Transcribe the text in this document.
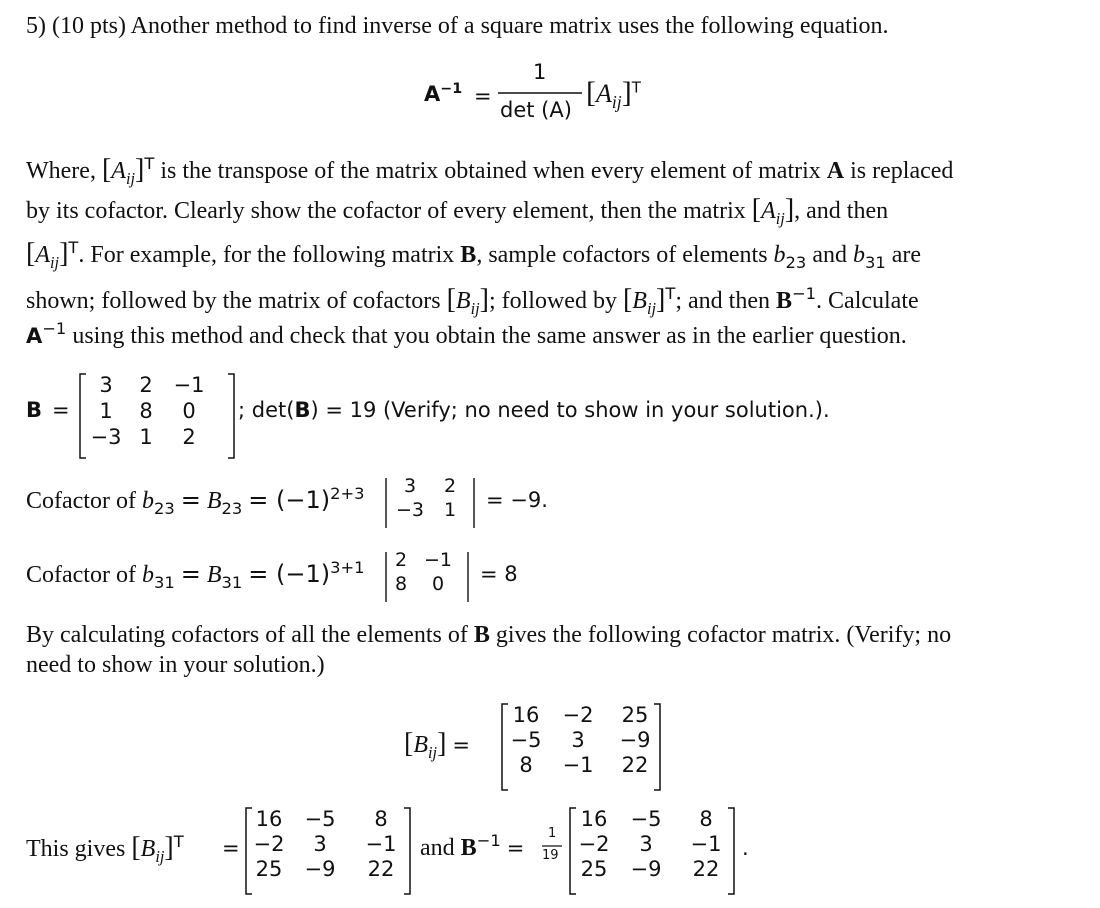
5) (10 pts) Another method to find inverse of a square matrix uses the following equation.
$A^{-1}$ =
1
det (A)
$[A_{ij}]^T$
Where, $[A_{ij}]^T$ is the transpose of the matrix obtained when every element of matrix A is replaced
by its cofactor. Clearly show the cofactor of every element, then the matrix $[A_{ij}]$, and then
$[A_{ij}]^T$. For example, for the following matrix B, sample cofactors of elements $b_{23}$ and $b_{31}$ are
shown; followed by the matrix of cofactors $[B_{ij}]$; followed by $[B_{ij}]^T$; and then $B^{-1}$. Calculate
$A^{-1}$ using this method and check that you obtain the same answer as in the earlier question.
B =
3	2 −1
1	8	0
−3 1	2
; det(B) = 19 (Verify; no need to show in your solution.).
Cofactor of $b_{23} = B_{23} = (-1)^{2+3}$	3	2
−3	1	= −9.
Cofactor of $b_{31} = B_{31} = (-1)^{3+1}$	2 −1
8	0	= 8
By calculating cofactors of all the elements of B gives the following cofactor matrix. (Verify; no
need to show in your solution.)
$[B_{ij}]$ =
16	−2	25
−5	3	−9
8	−1	22
This gives $[B_{ij}]^T$ =
16	−5	8
−2	3	−1
25	−9	22
and $B^{-1}$ =
1
19
16	−5	8
−2	3	−1
25	−9	22
.
